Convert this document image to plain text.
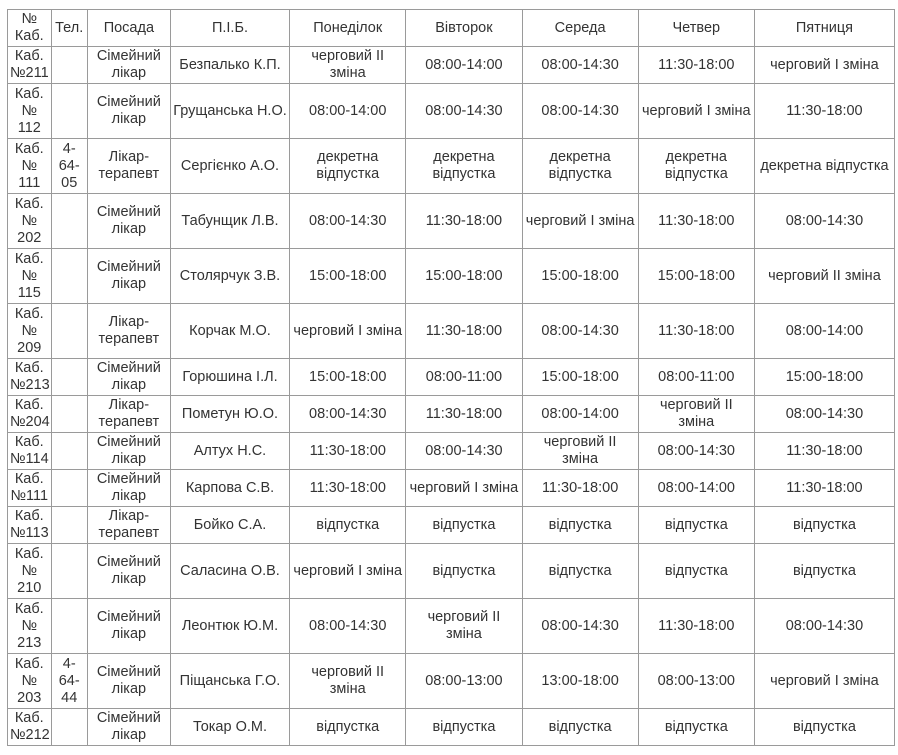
№ Каб.	Тел.	Посада	П.І.Б.	Понеділок	Вівторок	Середа	Четвер	Пятниця
Каб. №211		Сімейний лікар	Безпалько К.П.	черговий ІІ зміна	08:00-14:00	08:00-14:30	11:30-18:00	черговий І зміна
Каб. № 112		Сімейний лікар	Грущанська Н.О.	08:00-14:00	08:00-14:30	08:00-14:30	черговий І зміна	11:30-18:00
Каб. № 111	4-64-05	Лікар-терапевт	Сергієнко А.О.	декретна відпустка	декретна відпустка	декретна відпустка	декретна відпустка	декретна відпустка
Каб. № 202		Сімейний лікар	Табунщик Л.В.	08:00-14:30	11:30-18:00	черговий І зміна	11:30-18:00	08:00-14:30
Каб. № 115		Сімейний лікар	Столярчук З.В.	15:00-18:00	15:00-18:00	15:00-18:00	15:00-18:00	черговий ІІ зміна
Каб. № 209		Лікар-терапевт	Корчак М.О.	черговий І зміна	11:30-18:00	08:00-14:30	11:30-18:00	08:00-14:00
Каб. №213		Сімейний лікар	Горюшина І.Л.	15:00-18:00	08:00-11:00	15:00-18:00	08:00-11:00	15:00-18:00
Каб. №204		Лікар-терапевт	Пометун Ю.О.	08:00-14:30	11:30-18:00	08:00-14:00	черговий ІІ зміна	08:00-14:30
Каб. №114		Сімейний лікар	Алтух Н.С.	11:30-18:00	08:00-14:30	черговий ІІ зміна	08:00-14:30	11:30-18:00
Каб. №111		Сімейний лікар	Карпова С.В.	11:30-18:00	черговий І зміна	11:30-18:00	08:00-14:00	11:30-18:00
Каб. №113		Лікар-терапевт	Бойко С.А.	відпустка	відпустка	відпустка	відпустка	відпустка
Каб. № 210		Сімейний лікар	Саласина О.В.	черговий І зміна	відпустка	відпустка	відпустка	відпустка
Каб. № 213		Сімейний лікар	Леонтюк Ю.М.	08:00-14:30	черговий ІІ зміна	08:00-14:30	11:30-18:00	08:00-14:30
Каб. № 203	4-64-44	Сімейний лікар	Піщанська Г.О.	черговий ІІ зміна	08:00-13:00	13:00-18:00	08:00-13:00	черговий І зміна
Каб. №212		Сімейний лікар	Токар О.М.	відпустка	відпустка	відпустка	відпустка	відпустка
